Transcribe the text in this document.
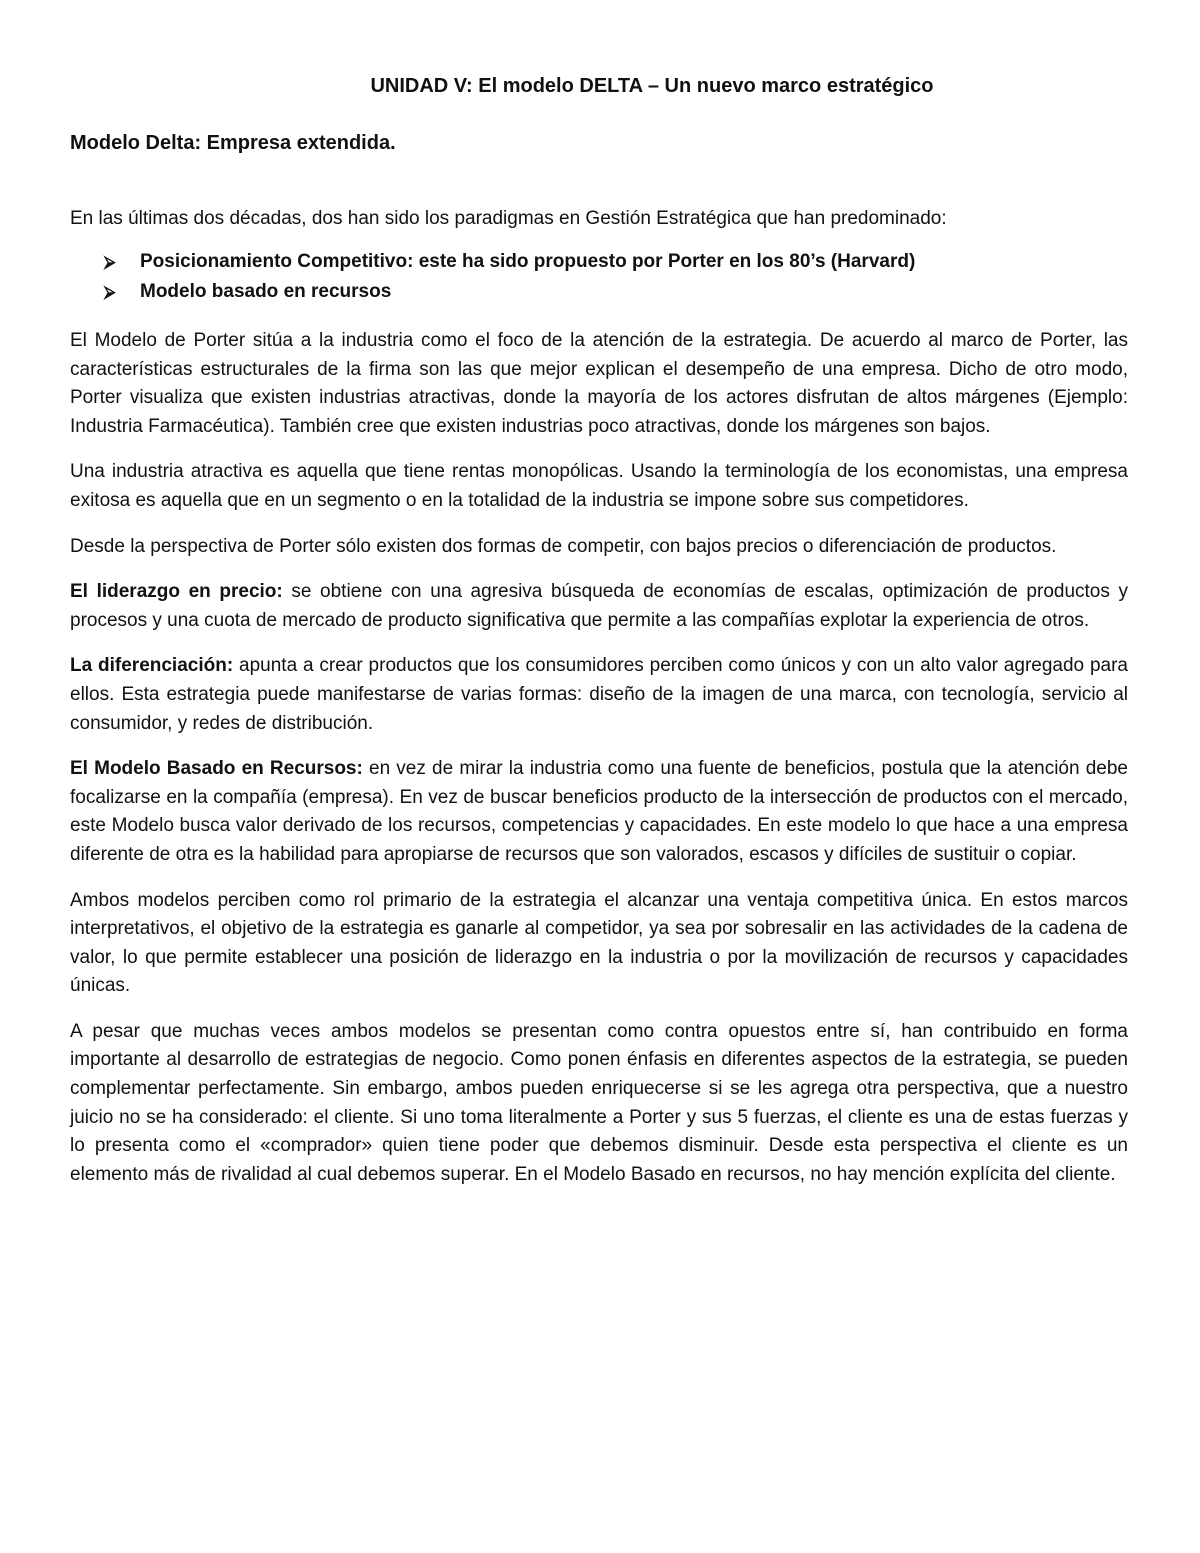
UNIDAD V: El modelo DELTA – Un nuevo marco estratégico
Modelo Delta: Empresa extendida.

En las últimas dos décadas, dos han sido los paradigmas en Gestión Estratégica que han predominado:

⮚	Posicionamiento Competitivo: este ha sido propuesto por Porter en los 80’s (Harvard)
⮚	Modelo basado en recursos

El Modelo de Porter sitúa a la industria como el foco de la atención de la estrategia. De acuerdo al marco de Porter, las características estructurales de la firma son las que mejor explican el desempeño de una empresa. Dicho de otro modo, Porter visualiza que existen industrias atractivas, donde la mayoría de los actores disfrutan de altos márgenes (Ejemplo: Industria Farmacéutica). También cree que existen industrias poco atractivas, donde los márgenes son bajos.

Una industria atractiva es aquella que tiene rentas monopólicas. Usando la terminología de los economistas, una empresa exitosa es aquella que en un segmento o en la totalidad de la industria se impone sobre sus competidores.

Desde la perspectiva de Porter sólo existen dos formas de competir, con bajos precios o diferenciación de productos.

El liderazgo en precio: se obtiene con una agresiva búsqueda de economías de escalas, optimización de productos y procesos y una cuota de mercado de producto significativa que permite a las compañías explotar la experiencia de otros.

La diferenciación: apunta a crear productos que los consumidores perciben como únicos y con un alto valor agregado para ellos. Esta estrategia puede manifestarse de varias formas: diseño de la imagen de una marca, con tecnología, servicio al consumidor, y redes de distribución.

El Modelo Basado en Recursos: en vez de mirar la industria como una fuente de beneficios, postula que la atención debe focalizarse en la compañía (empresa). En vez de buscar beneficios producto de la intersección de productos con el mercado, este Modelo busca valor derivado de los recursos, competencias y capacidades. En este modelo lo que hace a una empresa diferente de otra es la habilidad para apropiarse de recursos que son valorados, escasos y difíciles de sustituir o copiar.

Ambos modelos perciben como rol primario de la estrategia el alcanzar una ventaja competitiva única. En estos marcos interpretativos, el objetivo de la estrategia es ganarle al competidor, ya sea por sobresalir en las actividades de la cadena de valor, lo que permite establecer una posición de liderazgo en la industria o por la movilización de recursos y capacidades únicas.

A pesar que muchas veces ambos modelos se presentan como contra opuestos entre sí, han contribuido en forma importante al desarrollo de estrategias de negocio. Como ponen énfasis en diferentes aspectos de la estrategia, se pueden complementar perfectamente. Sin embargo, ambos pueden enriquecerse si se les agrega otra perspectiva, que a nuestro juicio no se ha considerado: el cliente. Si uno toma literalmente a Porter y sus 5 fuerzas, el cliente es una de estas fuerzas y lo presenta como el «comprador» quien tiene poder que debemos disminuir. Desde esta perspectiva el cliente es un elemento más de rivalidad al cual debemos superar. En el Modelo Basado en recursos, no hay mención explícita del cliente.
